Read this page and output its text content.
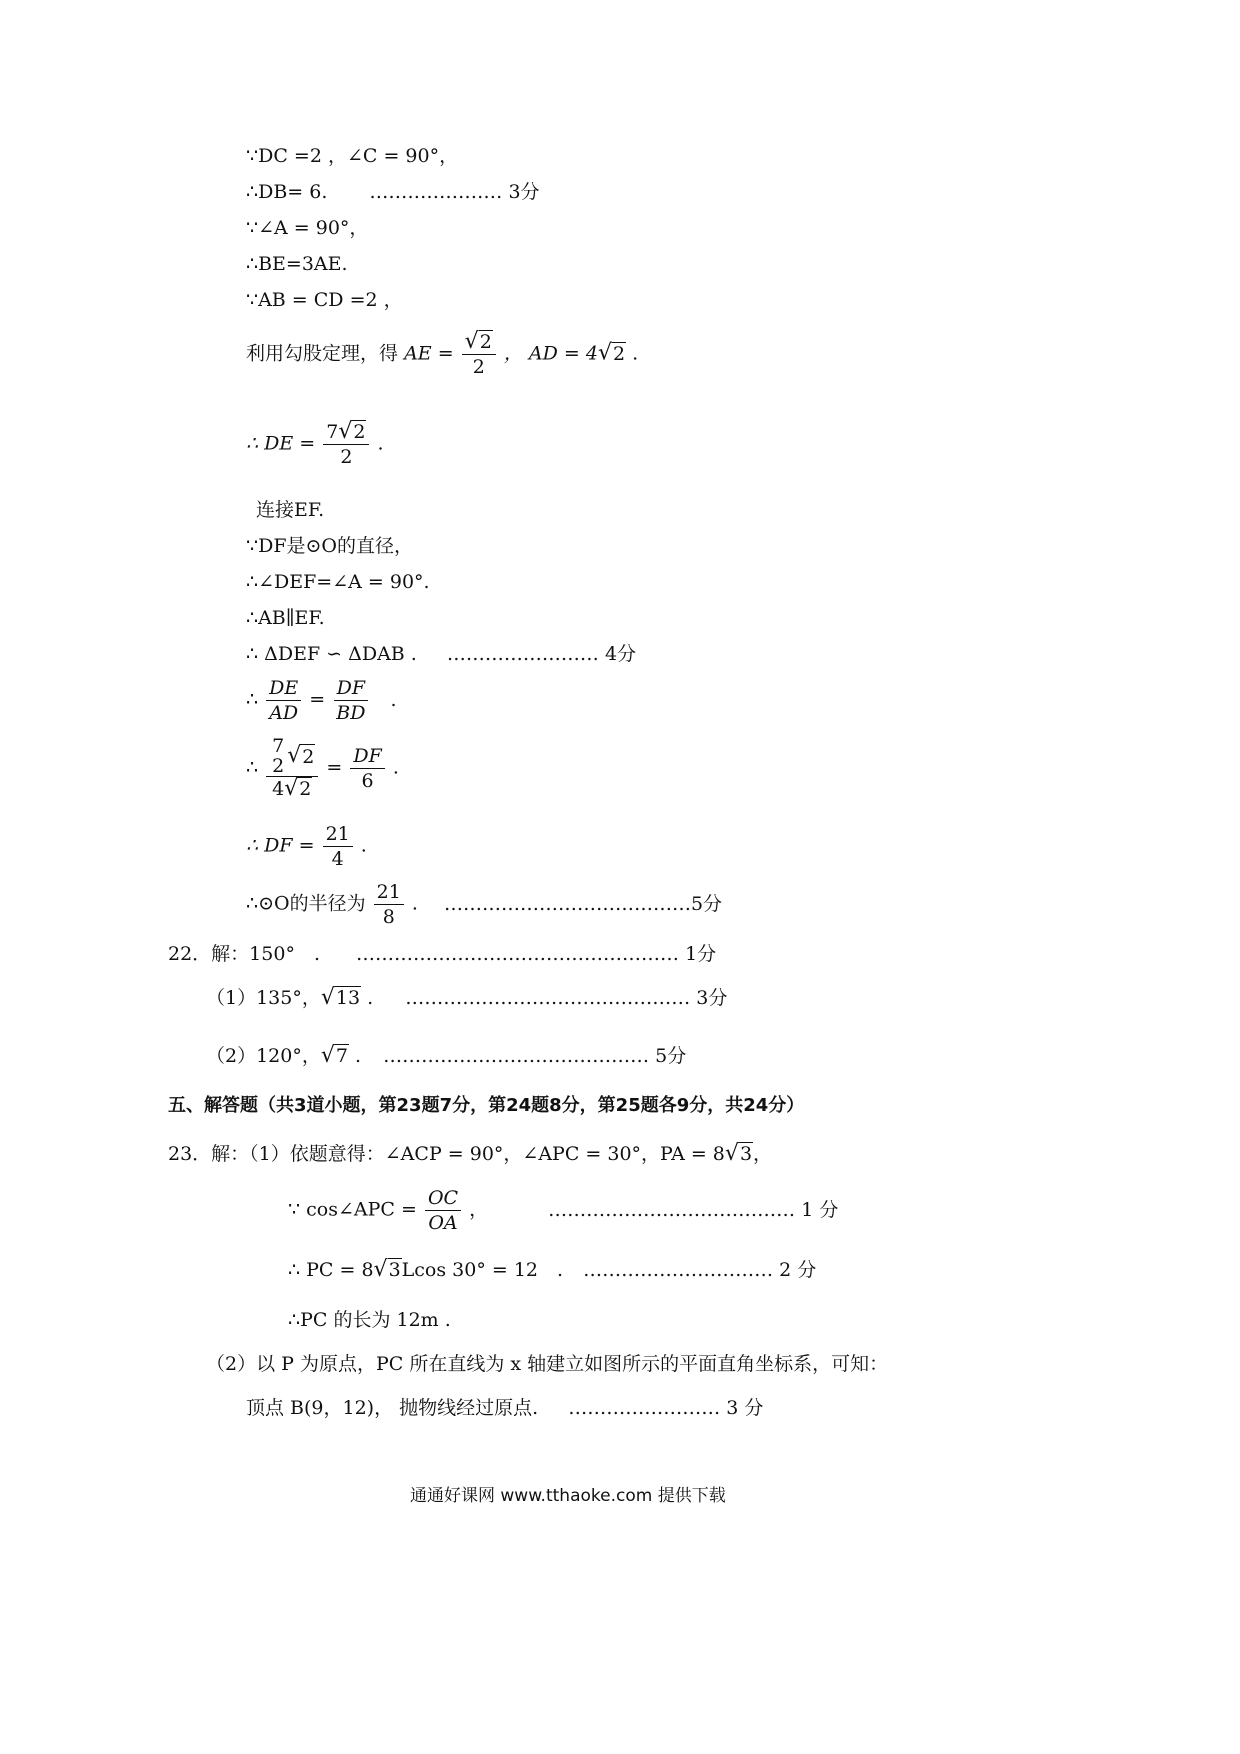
∵DC =2 ，∠C = 90°，
∴DB= 6. ………………… 3分
∵∠A = 90°，
∴BE=3AE.
∵AB = CD =2 ，
利用勾股定理，得 AE = $\frac{√2}{2}$ ， AD = 4√2 .
∴ DE = $\frac{7√2}{2}$ .
连接EF.
∵DF是⊙O的直径，
∴∠DEF=∠A = 90°.
∴AB∥EF.
∴ ΔDEF ∽ ΔDAB . …………………… 4分
∴ $\frac{DE}{AD} = \frac{DF}{BD}$ .
∴ 7
2 √ 2
$4√2 = \frac{DF}{6}$ .
∴ DF = $\frac{21}{4}$ .
∴⊙O的半径为 $\frac{21}{8}$ . …………………………………5分
22．解：150°　. …………………………………………… 1分
（1）135°，√13 . ……………………………………… 3分
（2）120°，√7 . …………………………………… 5分
五、解答题（共3道小题，第23题7分，第24题8分，第25题各9分，共24分）
23．解：（1）依题意得：∠ACP = 90°，∠APC = 30°，PA = 8√3，
∵ cos∠APC = $\frac{OC}{OA}$ ，	………………………………… 1 分
∴ PC = 8√3Lcos 30° = 12　. ………………………… 2 分
∴PC 的长为 12m .
（2）以 P 为原点，PC 所在直线为 x 轴建立如图所示的平面直角坐标系，可知：
顶点 B(9，12)， 抛物线经过原点. …………………… 3 分
通通好课网 www.tthaoke.com 提供下载
